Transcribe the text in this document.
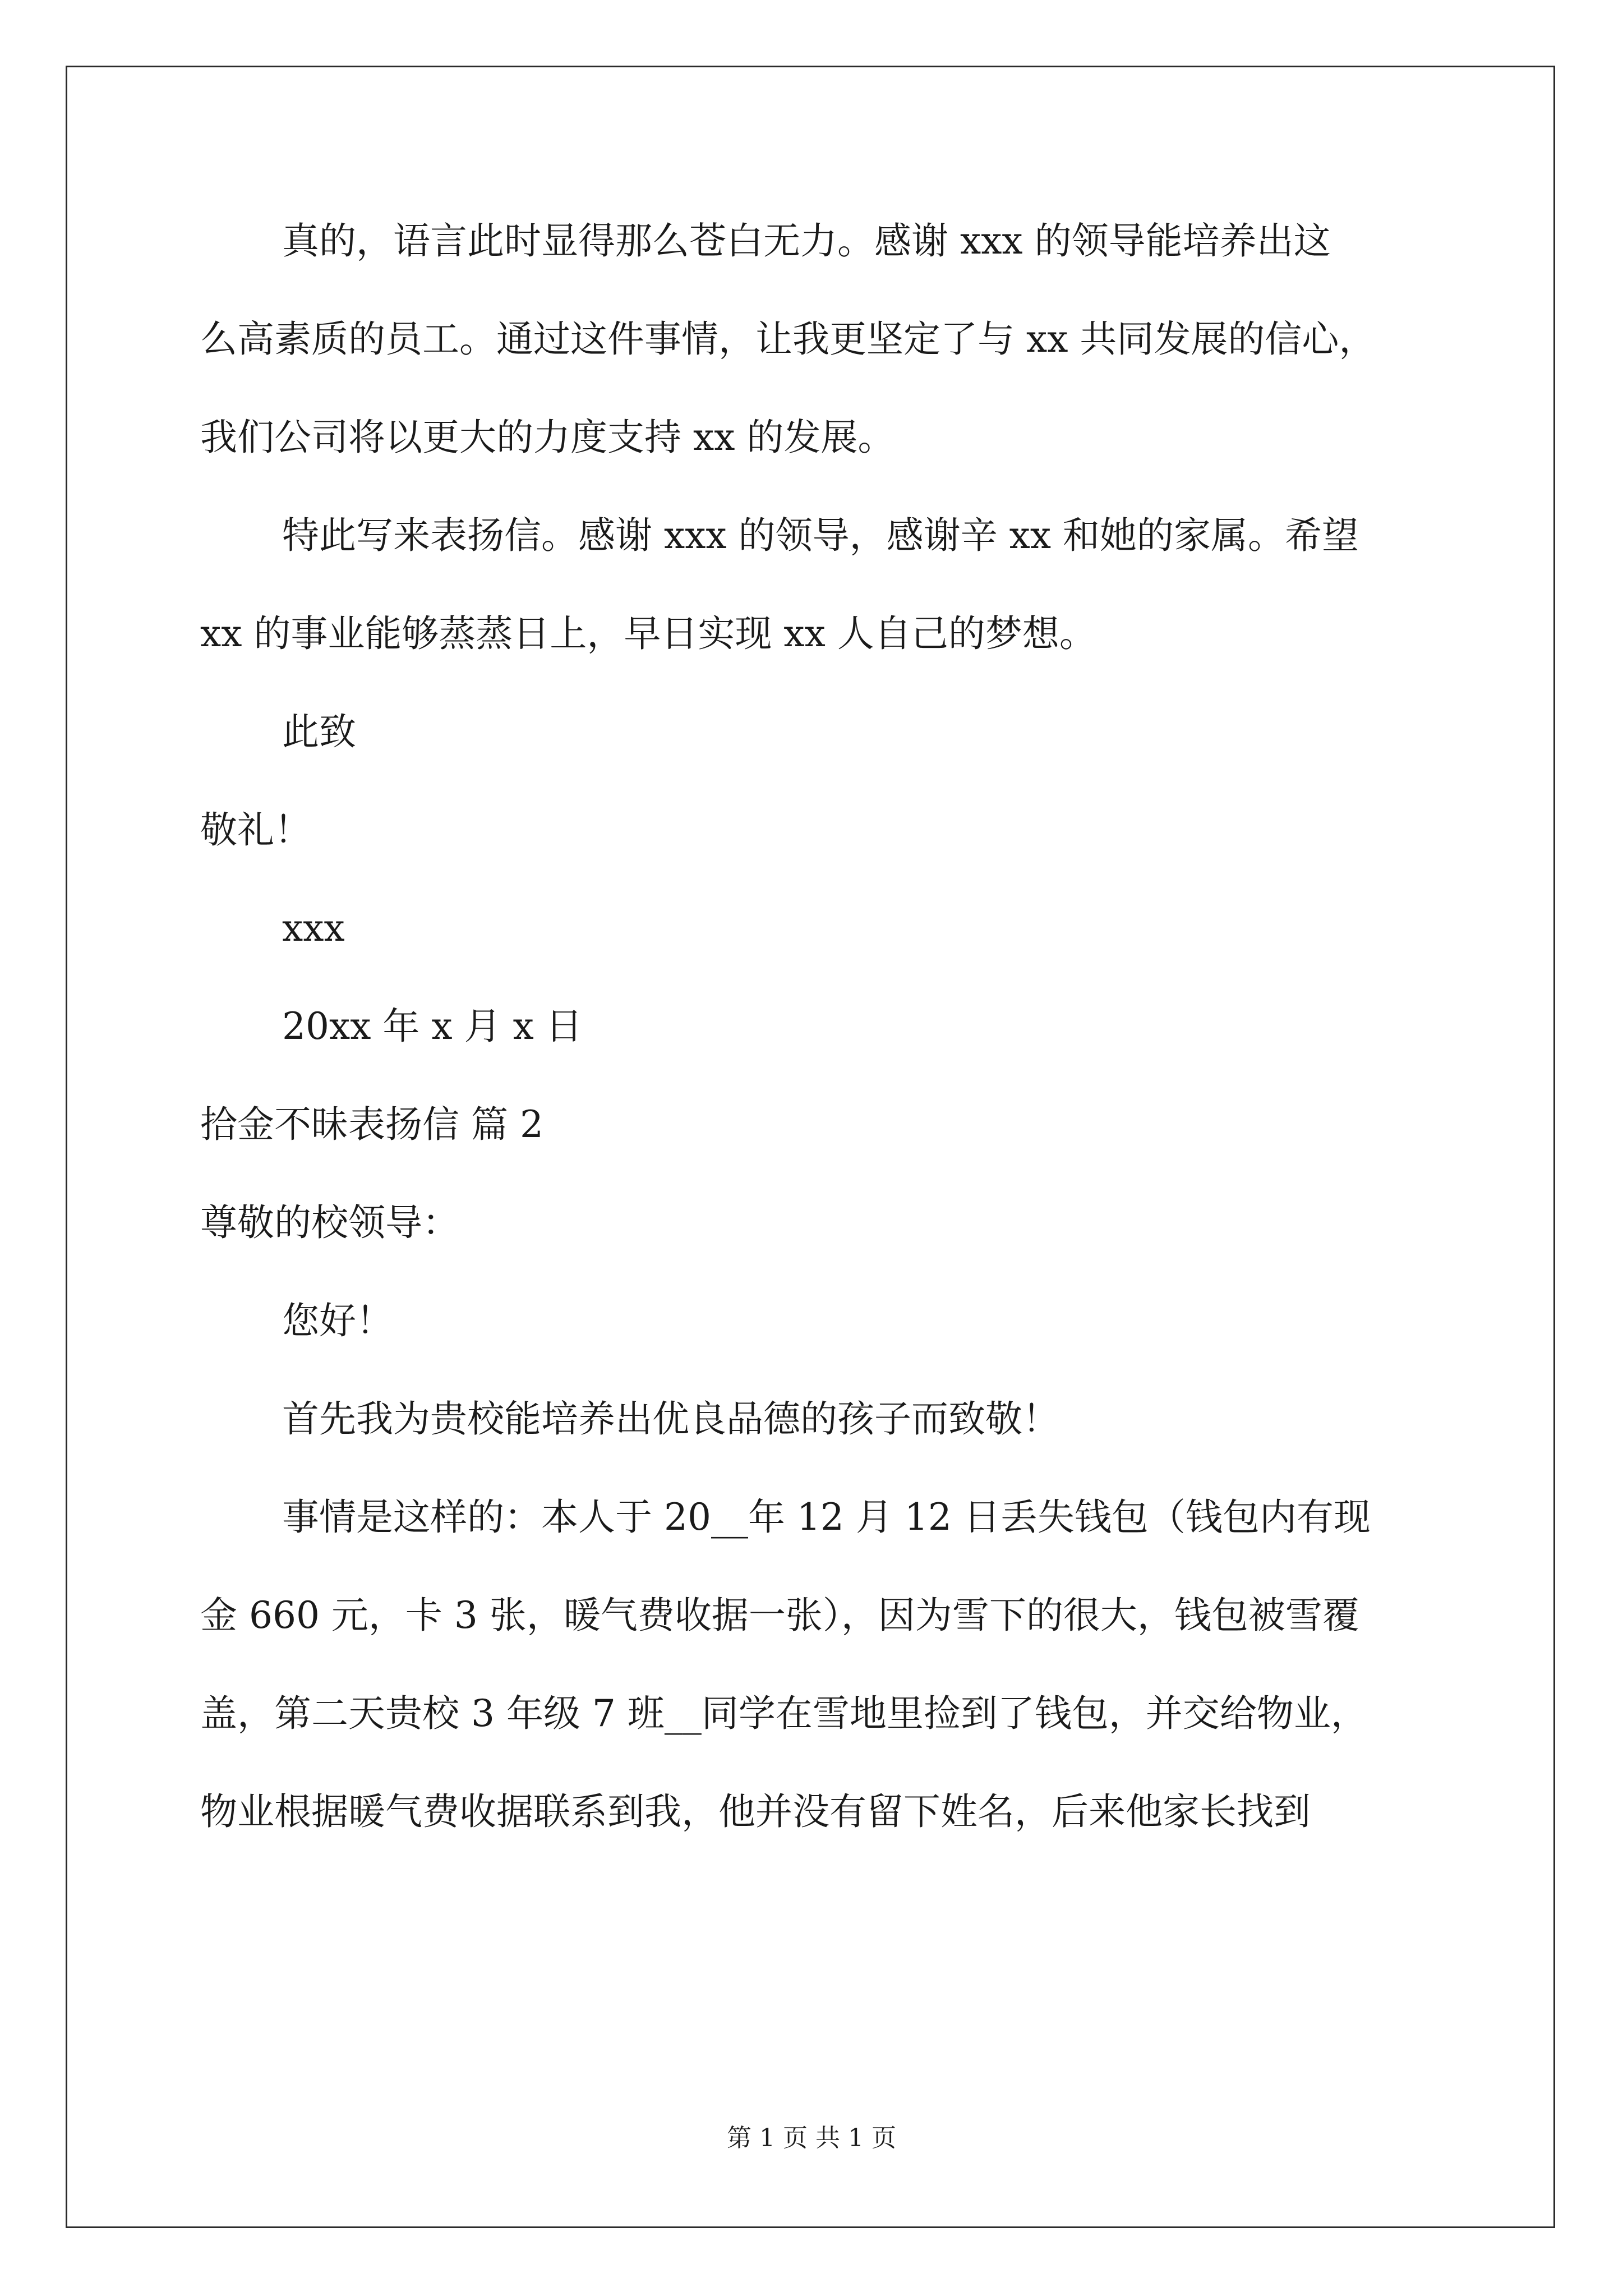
真的，语言此时显得那么苍白无力。感谢 xxx 的领导能培养出这
么高素质的员工。通过这件事情，让我更坚定了与 xx 共同发展的信心，
我们公司将以更大的力度支持 xx 的发展。
特此写来表扬信。感谢 xxx 的领导，感谢辛 xx 和她的家属。希望
xx 的事业能够蒸蒸日上，早日实现 xx 人自己的梦想。
此致
敬礼！
xxx
20xx 年 x 月 x 日
拾金不昧表扬信 篇 2
尊敬的校领导：
您好！
首先我为贵校能培养出优良品德的孩子而致敬！
事情是这样的：本人于 20__年 12 月 12 日丢失钱包（钱包内有现
金 660 元，卡 3 张，暖气费收据一张），因为雪下的很大，钱包被雪覆
盖，第二天贵校 3 年级 7 班__同学在雪地里捡到了钱包，并交给物业，
物业根据暖气费收据联系到我，他并没有留下姓名，后来他家长找到
第 1 页 共 1 页
